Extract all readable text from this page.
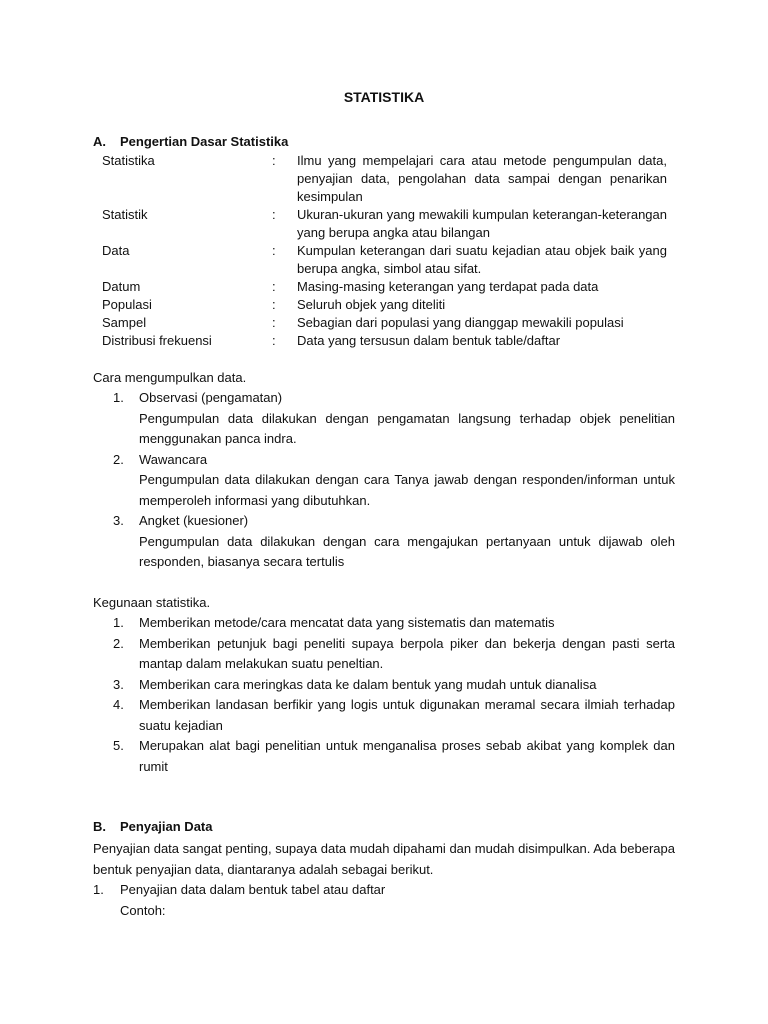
STATISTIKA
A. Pengertian Dasar Statistika
Statistika	:	Ilmu yang mempelajari cara atau metode pengumpulan data, penyajian data, pengolahan data sampai dengan penarikan kesimpulan
Statistik	:	Ukuran-ukuran yang mewakili kumpulan keterangan-keterangan yang berupa angka atau bilangan
Data	:	Kumpulan keterangan dari suatu kejadian atau objek baik yang berupa angka, simbol atau sifat.
Datum	:	Masing-masing keterangan yang terdapat pada data
Populasi	:	Seluruh objek yang diteliti
Sampel	:	Sebagian dari populasi yang dianggap mewakili populasi
Distribusi frekuensi	:	Data yang tersusun dalam bentuk table/daftar
Cara mengumpulkan data.
1. Observasi (pengamatan)
Pengumpulan data dilakukan dengan pengamatan langsung terhadap objek penelitian menggunakan panca indra.
2. Wawancara
Pengumpulan data dilakukan dengan cara Tanya jawab dengan responden/informan untuk memperoleh informasi yang dibutuhkan.
3. Angket (kuesioner)
Pengumpulan data dilakukan dengan cara mengajukan pertanyaan untuk dijawab oleh responden, biasanya secara tertulis
Kegunaan statistika.
1. Memberikan metode/cara mencatat data yang sistematis dan matematis
2. Memberikan petunjuk bagi peneliti supaya berpola piker dan bekerja dengan pasti serta mantap dalam melakukan suatu peneltian.
3. Memberikan cara meringkas data ke dalam bentuk yang mudah untuk dianalisa
4. Memberikan landasan berfikir yang logis untuk digunakan meramal secara ilmiah terhadap suatu kejadian
5. Merupakan alat bagi penelitian untuk menganalisa proses sebab akibat yang komplek dan rumit
B. Penyajian Data
Penyajian data sangat penting, supaya data mudah dipahami dan mudah disimpulkan. Ada beberapa bentuk penyajian data, diantaranya adalah sebagai berikut.
1.	Penyajian data dalam bentuk tabel atau daftar
Contoh:
